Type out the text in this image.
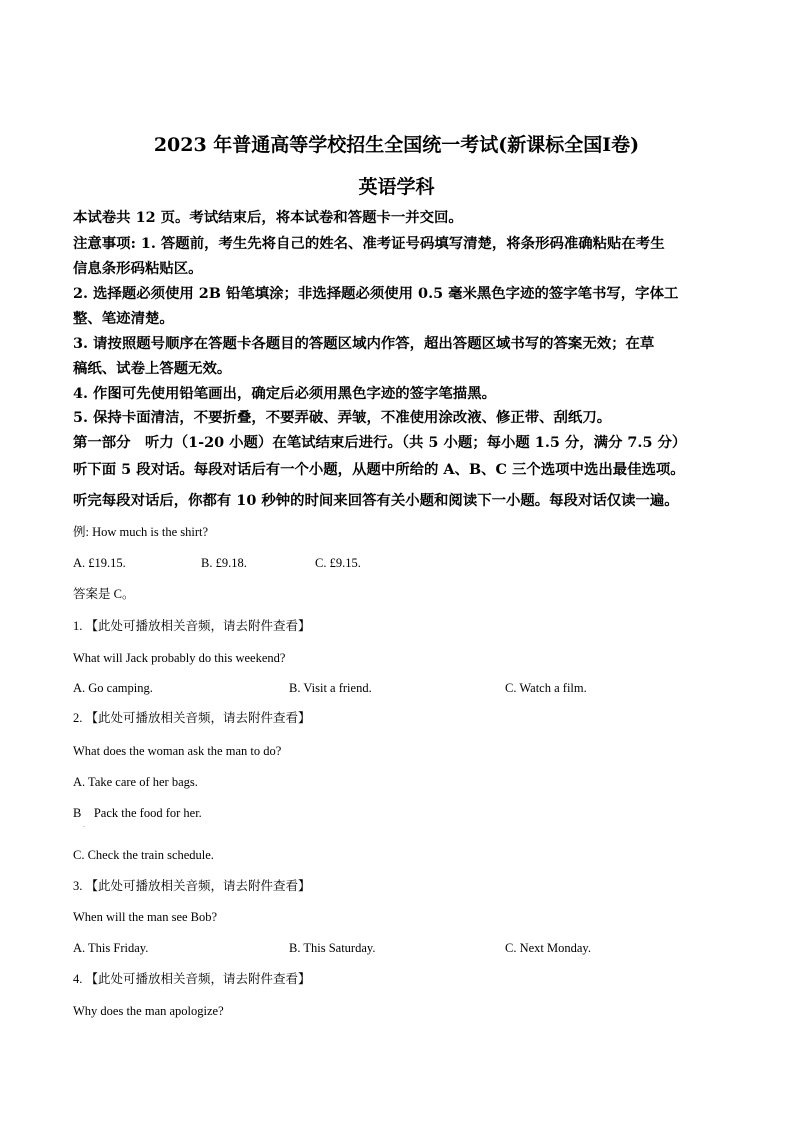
2023 年普通高等学校招生全国统一考试(新课标全国Ⅰ卷)
英语学科
本试卷共 12 页。考试结束后，将本试卷和答题卡一并交回。
注意事项: 1. 答题前，考生先将自己的姓名、准考证号码填写清楚，将条形码准确粘贴在考生
信息条形码粘贴区。
2. 选择题必须使用 2B 铅笔填涂；非选择题必须使用 0.5 毫米黑色字迹的签字笔书写，字体工
整、笔迹清楚。
3. 请按照题号顺序在答题卡各题目的答题区域内作答，超出答题区域书写的答案无效；在草
稿纸、试卷上答题无效。
4. 作图可先使用铅笔画出，确定后必须用黑色字迹的签字笔描黑。
5. 保持卡面清洁，不要折叠，不要弄破、弄皱，不准使用涂改液、修正带、刮纸刀。
第一部分　听力（1-20 小题）在笔试结束后进行。（共 5 小题；每小题 1.5 分，满分 7.5 分）
听下面 5 段对话。每段对话后有一个小题，从题中所给的 A、B、C 三个选项中选出最佳选项。
听完每段对话后，你都有 10 秒钟的时间来回答有关小题和阅读下一小题。每段对话仅读一遍。
例: How much is the shirt?
A. £19.15.	B. £9.18.	C. £9.15.
答案是 C。
1. 【此处可播放相关音频，请去附件查看】
What will Jack probably do this weekend?
A. Go camping.	B. Visit a friend.	C. Watch a film.
2. 【此处可播放相关音频，请去附件查看】
What does the woman ask the man to do?
A. Take care of her bags.
B　Pack the food for her.
·
C. Check the train schedule.
3. 【此处可播放相关音频，请去附件查看】
When will the man see Bob?
A. This Friday.	B. This Saturday.	C. Next Monday.
4. 【此处可播放相关音频，请去附件查看】
Why does the man apologize?
